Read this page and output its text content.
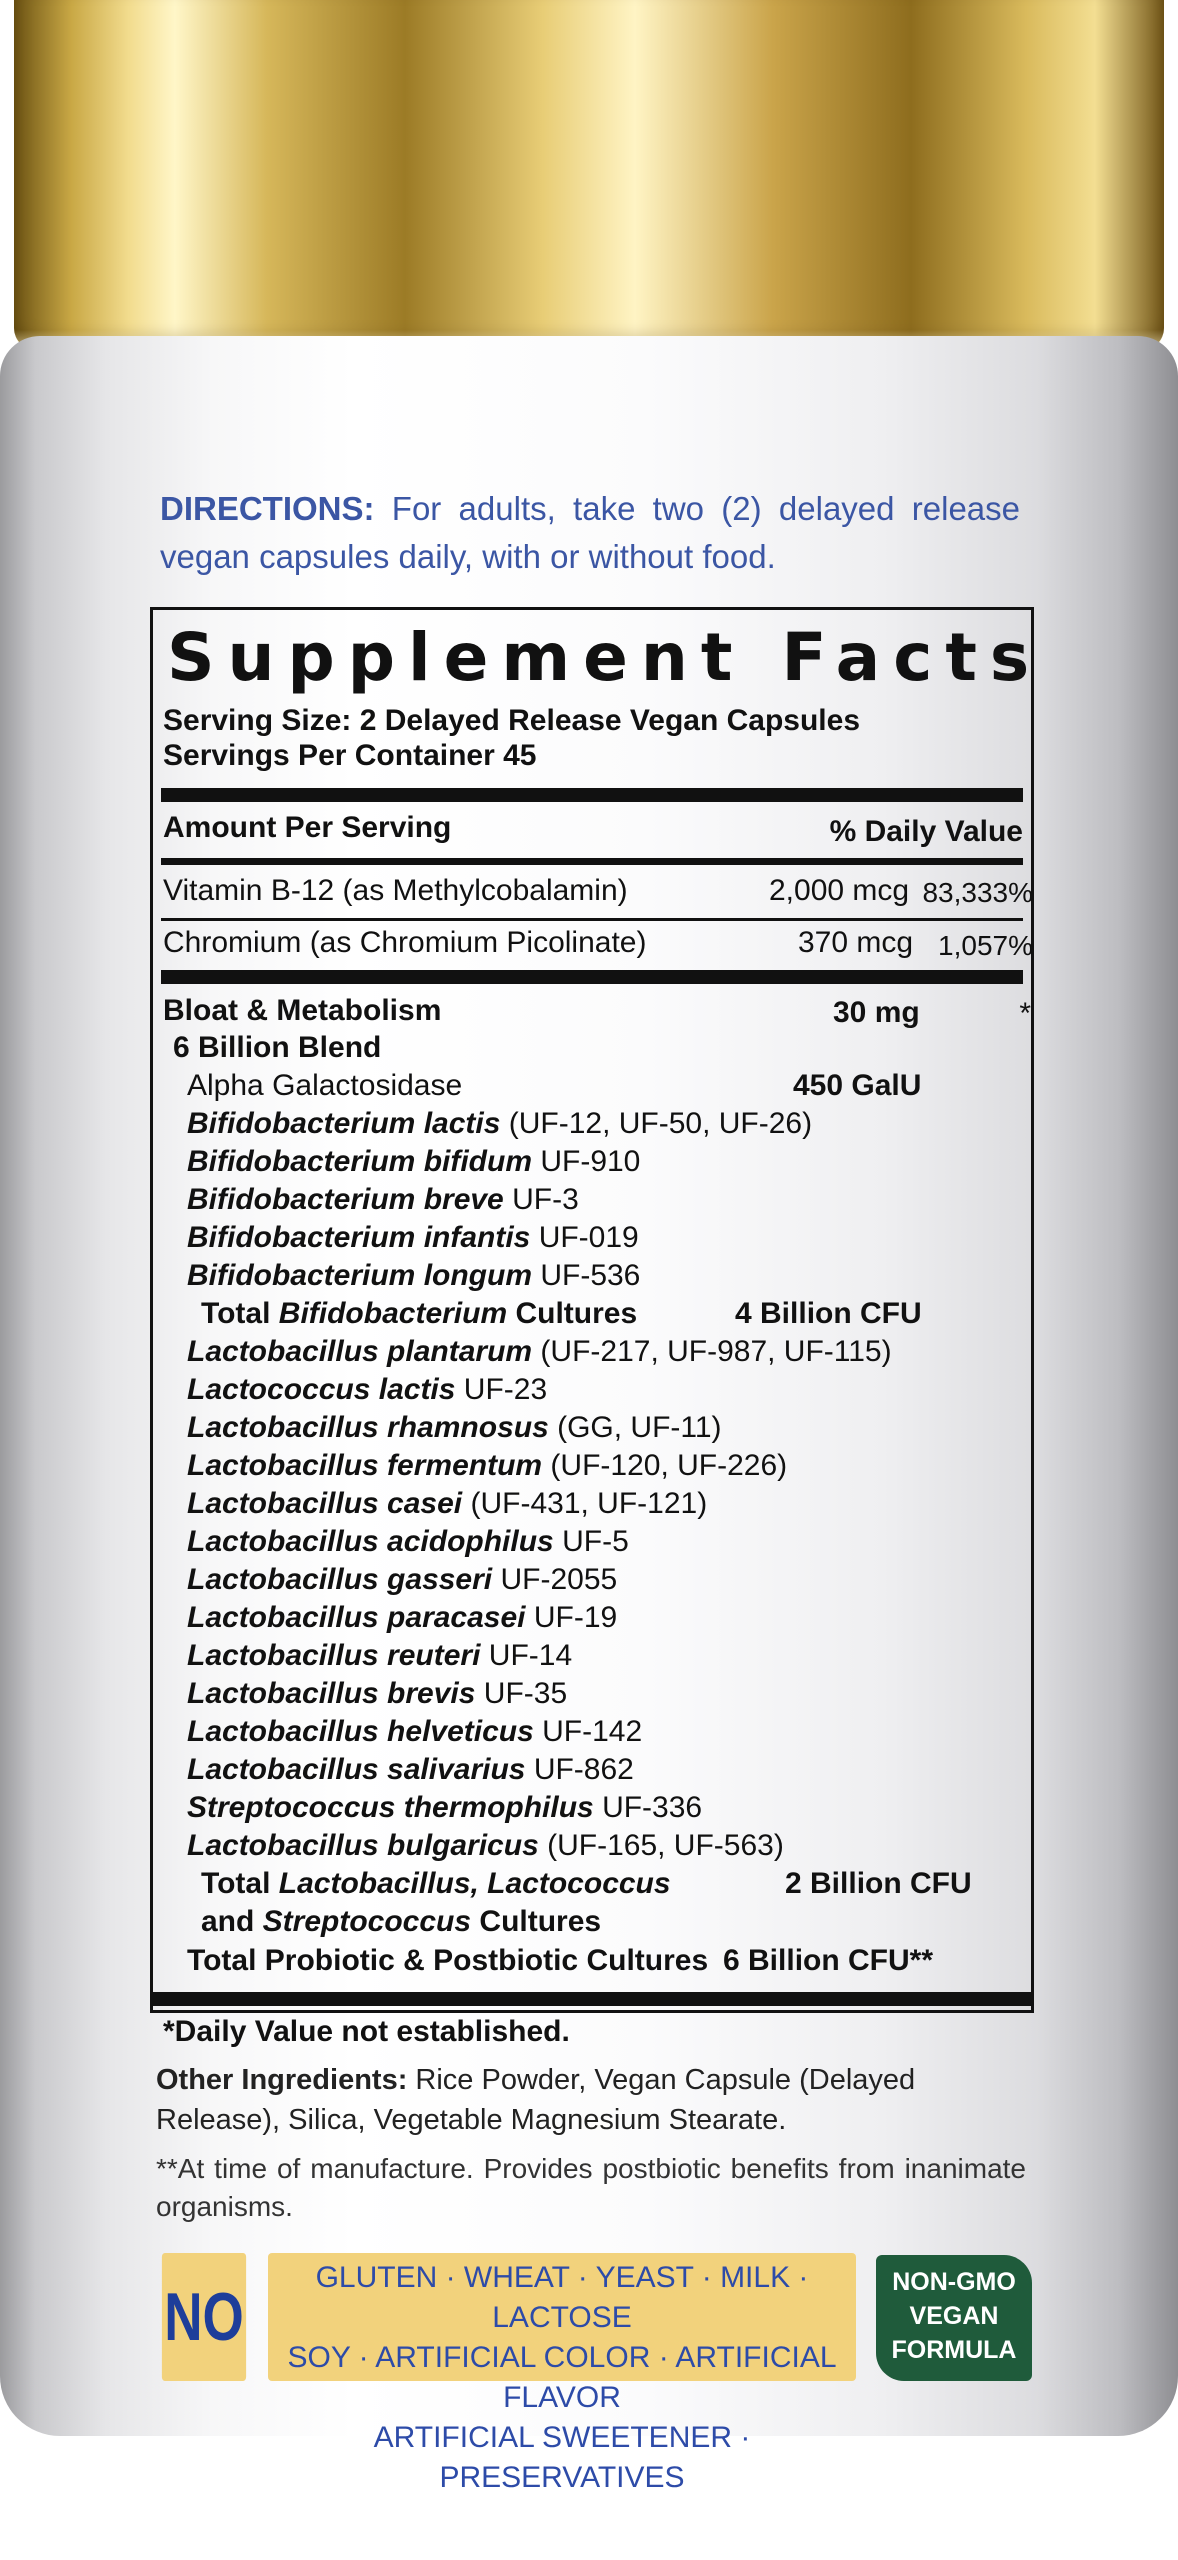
DIRECTIONS: For adults, take two (2) delayed release vegan capsules daily, with or without food.
Supplement Facts
Serving Size: 2 Delayed Release Vegan Capsules
Servings Per Container 45
Amount Per Serving	% Daily Value
Vitamin B-12 (as Methylcobalamin)	2,000 mcg 83,333%
Chromium (as Chromium Picolinate)	370 mcg 1,057%
Bloat & Metabolism	30 mg	*
6 Billion Blend
Alpha Galactosidase	450 GalU
Bifidobacterium lactis (UF-12, UF-50, UF-26)
Bifidobacterium bifidum UF-910
Bifidobacterium breve UF-3
Bifidobacterium infantis UF-019
Bifidobacterium longum UF-536
Total Bifidobacterium Cultures	4 Billion CFU
Lactobacillus plantarum (UF-217, UF-987, UF-115)
Lactococcus lactis UF-23
Lactobacillus rhamnosus (GG, UF-11)
Lactobacillus fermentum (UF-120, UF-226)
Lactobacillus casei (UF-431, UF-121)
Lactobacillus acidophilus UF-5
Lactobacillus gasseri UF-2055
Lactobacillus paracasei UF-19
Lactobacillus reuteri UF-14
Lactobacillus brevis UF-35
Lactobacillus helveticus UF-142
Lactobacillus salivarius UF-862
Streptococcus thermophilus UF-336
Lactobacillus bulgaricus (UF-165, UF-563)
Total Lactobacillus, Lactococcus	2 Billion CFU
and Streptococcus Cultures
Total Probiotic & Postbiotic Cultures 6 Billion CFU**
*Daily Value not established.
Other Ingredients: Rice Powder, Vegan Capsule (Delayed Release), Silica, Vegetable Magnesium Stearate.
**At time of manufacture. Provides postbiotic benefits from inanimate organisms.
NO
GLUTEN · WHEAT · YEAST · MILK · LACTOSE
SOY · ARTIFICIAL COLOR · ARTIFICIAL FLAVOR
ARTIFICIAL SWEETENER · PRESERVATIVES
NON-GMO
VEGAN
FORMULA
